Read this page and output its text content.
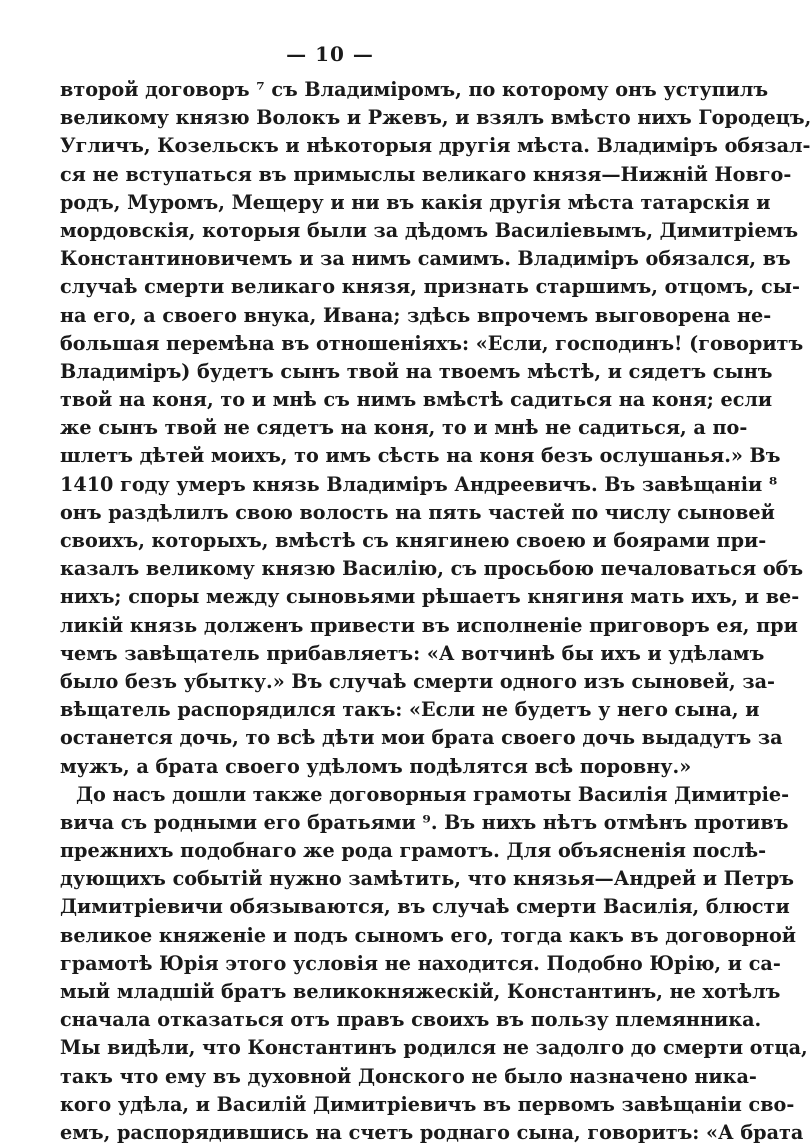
— 10 —
второй договоръ ⁷ съ Владиміромъ, по которому онъ уступилъ
великому князю Волокъ и Ржевъ, и взялъ вмѣсто нихъ Городецъ,
Угличъ, Козельскъ и нѣкоторыя другія мѣста. Владиміръ обязал-
ся не вступаться въ примыслы великаго князя—Нижній Новго-
родъ, Муромъ, Мещеру и ни въ какія другія мѣста татарскія и
мордовскія, которыя были за дѣдомъ Василіевымъ, Димитріемъ
Константиновичемъ и за нимъ самимъ. Владиміръ обязался, въ
случаѣ смерти великаго князя, признать старшимъ, отцомъ, сы-
на его, а своего внука, Ивана; здѣсь впрочемъ выговорена не-
большая перемѣна въ отношеніяхъ: «Если, господинъ! (говоритъ
Владиміръ) будетъ сынъ твой на твоемъ мѣстѣ, и сядетъ сынъ
твой на коня, то и мнѣ съ нимъ вмѣстѣ садиться на коня; если
же сынъ твой не сядетъ на коня, то и мнѣ не садиться, а по-
шлетъ дѣтей моихъ, то имъ сѣсть на коня безъ ослушанья.» Въ
1410 году умеръ князь Владиміръ Андреевичъ. Въ завѣщаніи ⁸
онъ раздѣлилъ свою волость на пять частей по числу сыновей
своихъ, которыхъ, вмѣстѣ съ княгинею своею и боярами при-
казалъ великому князю Василію, съ просьбою печаловаться объ
нихъ; споры между сыновьями рѣшаетъ княгиня мать ихъ, и ве-
ликій князь долженъ привести въ исполненіе приговоръ ея, при
чемъ завѣщатель прибавляетъ: «А вотчинѣ бы ихъ и удѣламъ
было безъ убытку.» Въ случаѣ смерти одного изъ сыновей, за-
вѣщатель распорядился такъ: «Если не будетъ у него сына, и
останется дочь, то всѣ дѣти мои брата своего дочь выдадутъ за
мужъ, а брата своего удѣломъ подѣлятся всѣ поровну.»
До насъ дошли также договорныя грамоты Василія Димитріе-
вича съ родными его братьями ⁹. Въ нихъ нѣтъ отмѣнъ противъ
прежнихъ подобнаго же рода грамотъ. Для объясненія послѣ-
дующихъ событій нужно замѣтить, что князья—Андрей и Петръ
Димитріевичи обязываются, въ случаѣ смерти Василія, блюсти
великое княженіе и подъ сыномъ его, тогда какъ въ договорной
грамотѣ Юрія этого условія не находится. Подобно Юрію, и са-
мый младшій братъ великокняжескій, Константинъ, не хотѣлъ
сначала отказаться отъ правъ своихъ въ пользу племянника.
Мы видѣли, что Константинъ родился не задолго до смерти отца,
такъ что ему въ духовной Донского не было назначено ника-
кого удѣла, и Василій Димитріевичъ въ первомъ завѣщаніи сво-
емъ, распорядившись на счетъ роднаго сына, говоритъ: «А брата
